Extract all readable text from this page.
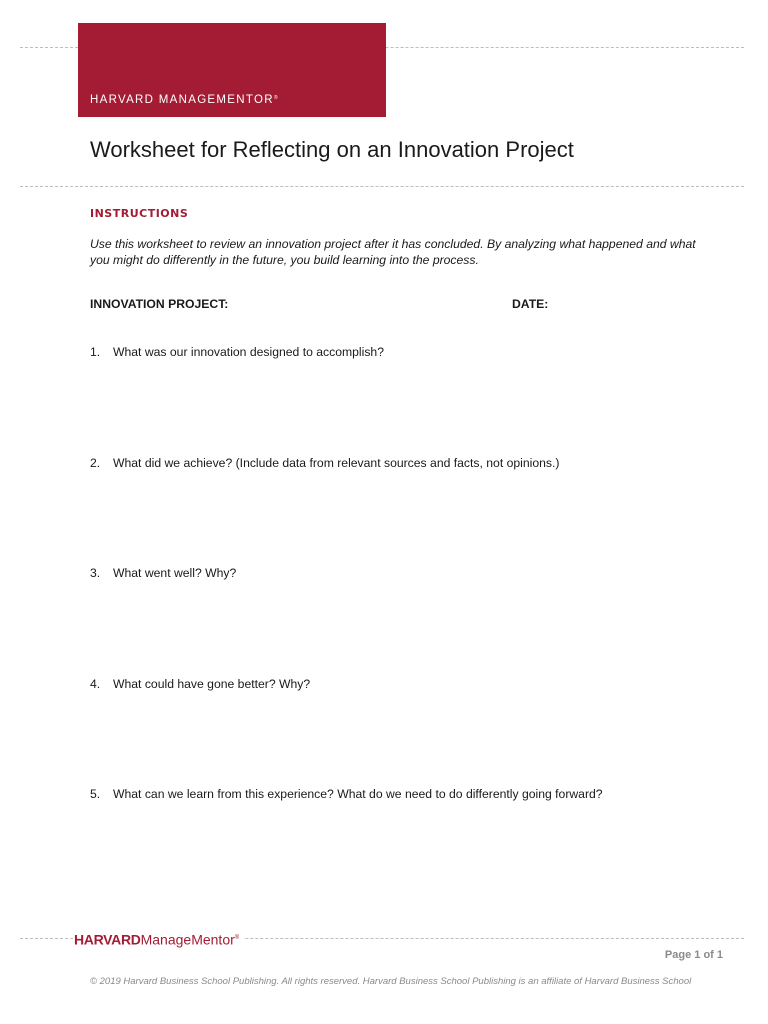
HARVARD MANAGEMENTOR®
Worksheet for Reflecting on an Innovation Project
INSTRUCTIONS
Use this worksheet to review an innovation project after it has concluded. By analyzing what happened and what you might do differently in the future, you build learning into the process.
INNOVATION PROJECT:	DATE:
1. What was our innovation designed to accomplish?
2. What did we achieve? (Include data from relevant sources and facts, not opinions.)
3. What went well? Why?
4. What could have gone better? Why?
5. What can we learn from this experience? What do we need to do differently going forward?
HARVARDManageMentor®
Page 1 of 1
© 2019 Harvard Business School Publishing. All rights reserved. Harvard Business School Publishing is an affiliate of Harvard Business School
